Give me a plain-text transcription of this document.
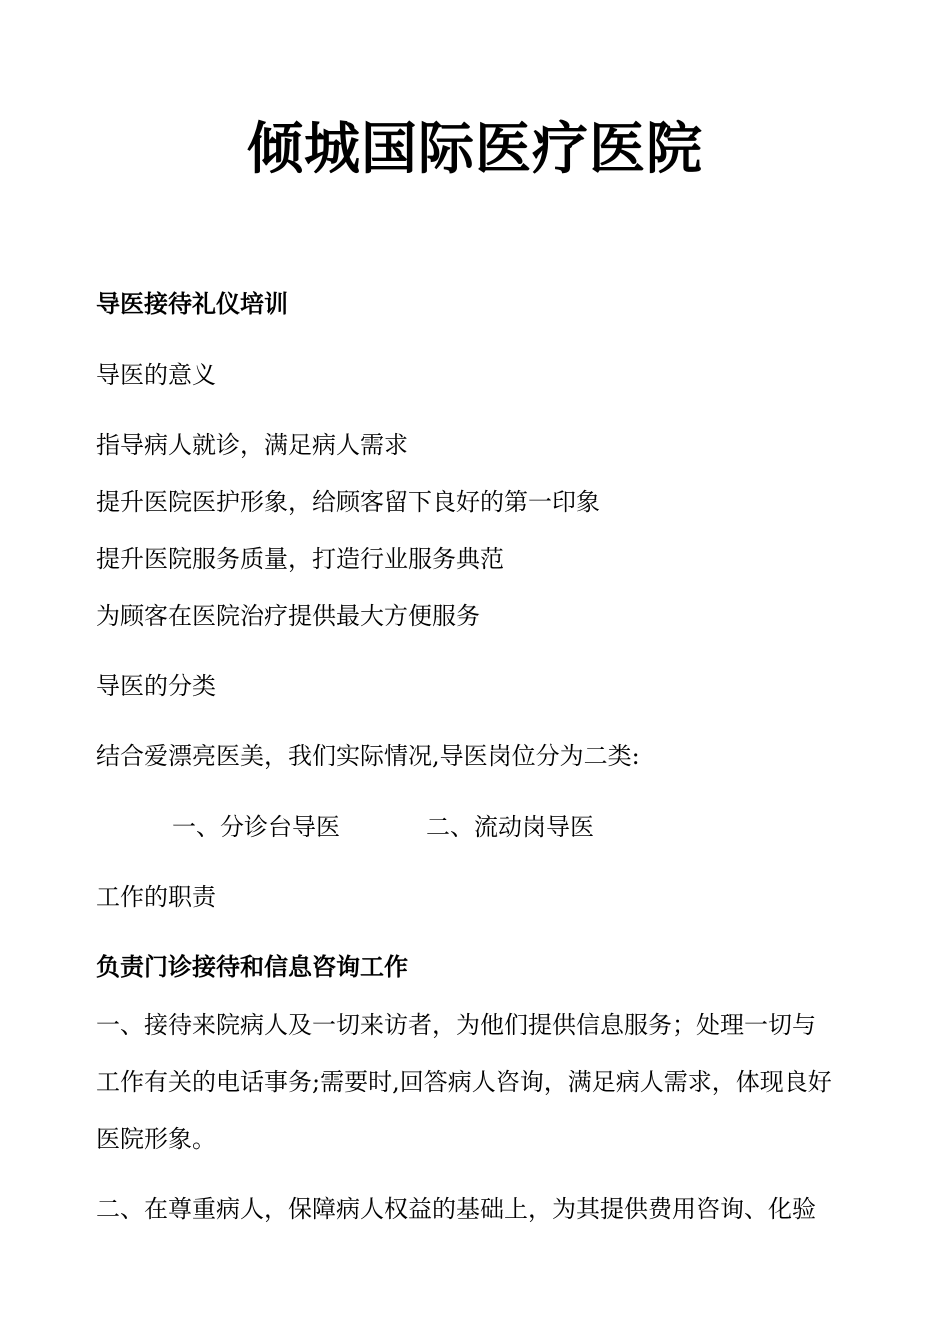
倾城国际医疗医院
导医接待礼仪培训
导医的意义
指导病人就诊，满足病人需求
提升医院医护形象，给顾客留下良好的第一印象
提升医院服务质量，打造行业服务典范
为顾客在医院治疗提供最大方便服务
导医的分类
结合爱漂亮医美，我们实际情况,导医岗位分为二类:
一、分诊台导医	二、流动岗导医
工作的职责
负责门诊接待和信息咨询工作
一、接待来院病人及一切来访者，为他们提供信息服务；处理一切与
工作有关的电话事务;需要时,回答病人咨询，满足病人需求，体现良好
医院形象。
二、在尊重病人，保障病人权益的基础上，为其提供费用咨询、化验
